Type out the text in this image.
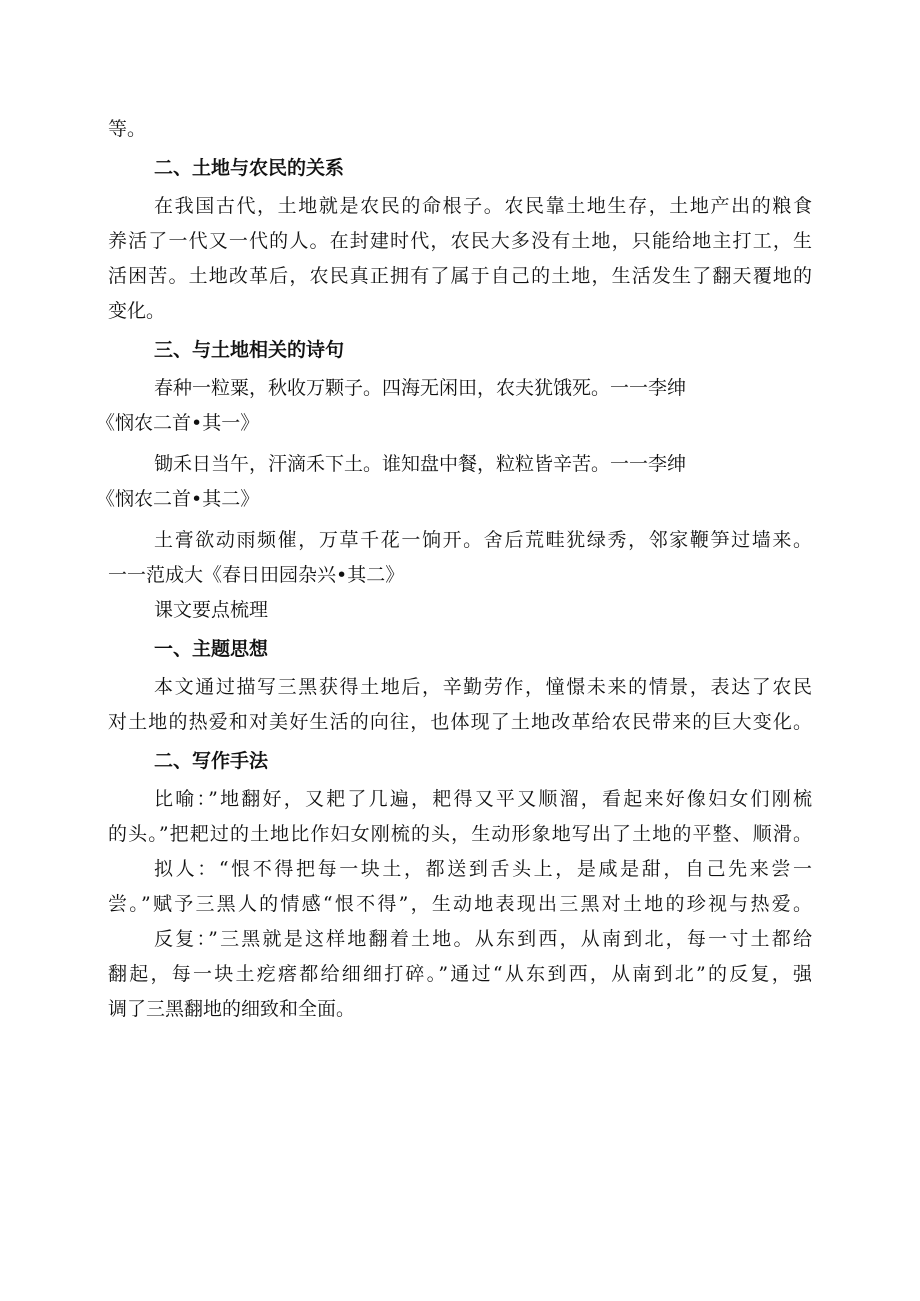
等。
二、土地与农民的关系
在我国古代，土地就是农民的命根子。农民靠土地生存，土地产出的粮食
养活了一代又一代的人。在封建时代，农民大多没有土地，只能给地主打工，生
活困苦。土地改革后，农民真正拥有了属于自己的土地，生活发生了翻天覆地的
变化。
三、与土地相关的诗句
春种一粒粟，秋收万颗子。四海无闲田，农夫犹饿死。一一李绅
《悯农二首•其一》
锄禾日当午，汗滴禾下土。谁知盘中餐，粒粒皆辛苦。一一李绅
《悯农二首•其二》
土膏欲动雨频催，万草千花一饷开。舍后荒畦犹绿秀，邻家鞭笋过墙来。
一一范成大《春日田园杂兴•其二》
课文要点梳理
一、主题思想
本文通过描写三黑获得土地后，辛勤劳作，憧憬未来的情景，表达了农民
对土地的热爱和对美好生活的向往，也体现了土地改革给农民带来的巨大变化。
二、写作手法
比喻：”地翻好，又耙了几遍，耙得又平又顺溜，看起来好像妇女们刚梳
的头。”把耙过的土地比作妇女刚梳的头，生动形象地写出了土地的平整、顺滑。
拟人：“恨不得把每一块土，都送到舌头上，是咸是甜，自己先来尝一
尝。”赋予三黑人的情感“恨不得”，生动地表现出三黑对土地的珍视与热爱。
反复：”三黑就是这样地翻着土地。从东到西，从南到北，每一寸土都给
翻起，每一块土疙瘩都给细细打碎。”通过“从东到西，从南到北”的反复，强
调了三黑翻地的细致和全面。
